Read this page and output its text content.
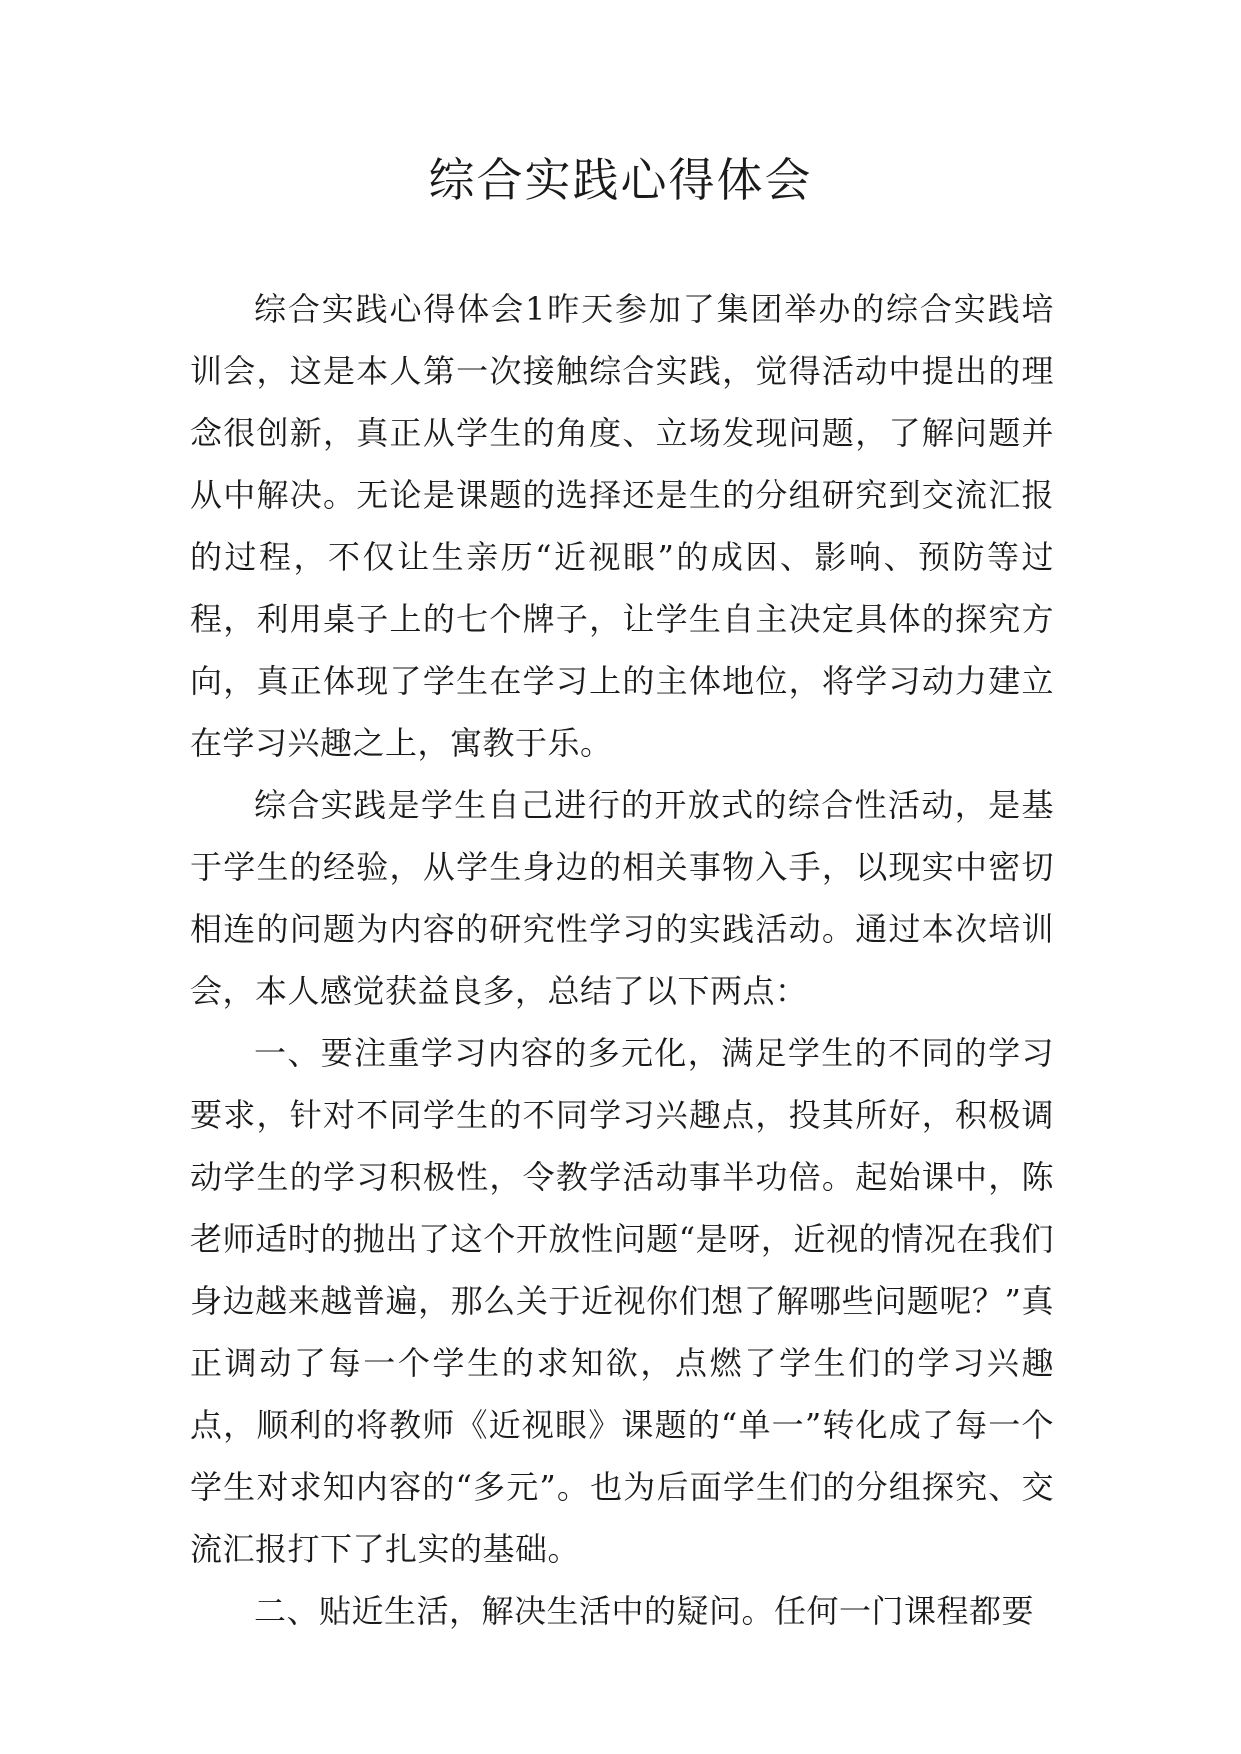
综合实践心得体会

综合实践心得体会1昨天参加了集团举办的综合实践培训会，这是本人第一次接触综合实践，觉得活动中提出的理念很创新，真正从学生的角度、立场发现问题，了解问题并从中解决。无论是课题的选择还是生的分组研究到交流汇报的过程，不仅让生亲历“近视眼”的成因、影响、预防等过程，利用桌子上的七个牌子，让学生自主决定具体的探究方向，真正体现了学生在学习上的主体地位，将学习动力建立在学习兴趣之上，寓教于乐。

综合实践是学生自己进行的开放式的综合性活动，是基于学生的经验，从学生身边的相关事物入手，以现实中密切相连的问题为内容的研究性学习的实践活动。通过本次培训会，本人感觉获益良多，总结了以下两点：

一、要注重学习内容的多元化，满足学生的不同的学习要求，针对不同学生的不同学习兴趣点，投其所好，积极调动学生的学习积极性，令教学活动事半功倍。起始课中，陈老师适时的抛出了这个开放性问题“是呀，近视的情况在我们身边越来越普遍，那么关于近视你们想了解哪些问题呢？”真正调动了每一个学生的求知欲，点燃了学生们的学习兴趣点，顺利的将教师《近视眼》课题的“单一”转化成了每一个学生对求知内容的“多元”。也为后面学生们的分组探究、交流汇报打下了扎实的基础。

二、贴近生活，解决生活中的疑问。任何一门课程都要
